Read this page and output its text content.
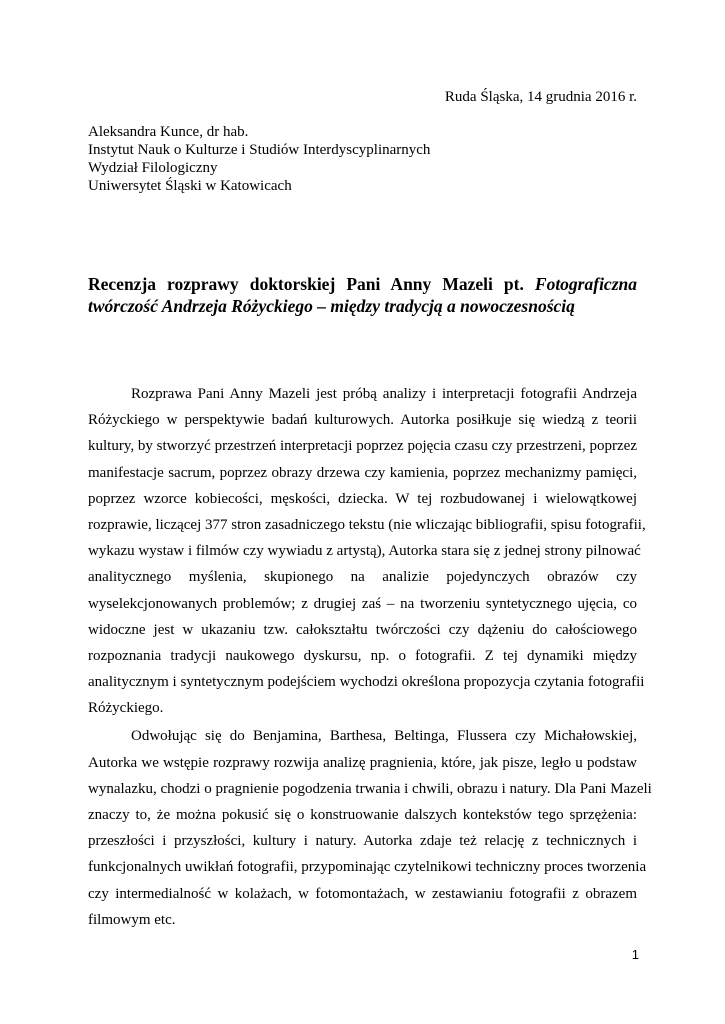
Ruda Śląska, 14 grudnia 2016 r.
Aleksandra Kunce, dr hab.
Instytut Nauk o Kulturze i Studiów Interdyscyplinarnych
Wydział Filologiczny
Uniwersytet Śląski w Katowicach
Recenzja rozprawy doktorskiej Pani Anny Mazeli pt. Fotograficzna
twórczość Andrzeja Różyckiego – między tradycją a nowoczesnością
Rozprawa Pani Anny Mazeli jest próbą analizy i interpretacji fotografii Andrzeja
Różyckiego w perspektywie badań kulturowych. Autorka posiłkuje się wiedzą z teorii
kultury, by stworzyć przestrzeń interpretacji poprzez pojęcia czasu czy przestrzeni, poprzez
manifestacje sacrum, poprzez obrazy drzewa czy kamienia, poprzez mechanizmy pamięci,
poprzez wzorce kobiecości, męskości, dziecka. W tej rozbudowanej i wielowątkowej
rozprawie, liczącej 377 stron zasadniczego tekstu (nie wliczając bibliografii, spisu fotografii,
wykazu wystaw i filmów czy wywiadu z artystą), Autorka stara się z jednej strony pilnować
analitycznego myślenia, skupionego na analizie pojedynczych obrazów czy
wyselekcjonowanych problemów; z drugiej zaś – na tworzeniu syntetycznego ujęcia, co
widoczne jest w ukazaniu tzw. całokształtu twórczości czy dążeniu do całościowego
rozpoznania tradycji naukowego dyskursu, np. o fotografii. Z tej dynamiki między
analitycznym i syntetycznym podejściem wychodzi określona propozycja czytania fotografii
Różyckiego.
Odwołując się do Benjamina, Barthesa, Beltinga, Flussera czy Michałowskiej,
Autorka we wstępie rozprawy rozwija analizę pragnienia, które, jak pisze, legło u podstaw
wynalazku, chodzi o pragnienie pogodzenia trwania i chwili, obrazu i natury. Dla Pani Mazeli
znaczy to, że można pokusić się o konstruowanie dalszych kontekstów tego sprzężenia:
przeszłości i przyszłości, kultury i natury. Autorka zdaje też relację z technicznych i
funkcjonalnych uwikłań fotografii, przypominając czytelnikowi techniczny proces tworzenia
czy intermedialność w kolażach, w fotomontażach, w zestawianiu fotografii z obrazem
filmowym etc.
1
